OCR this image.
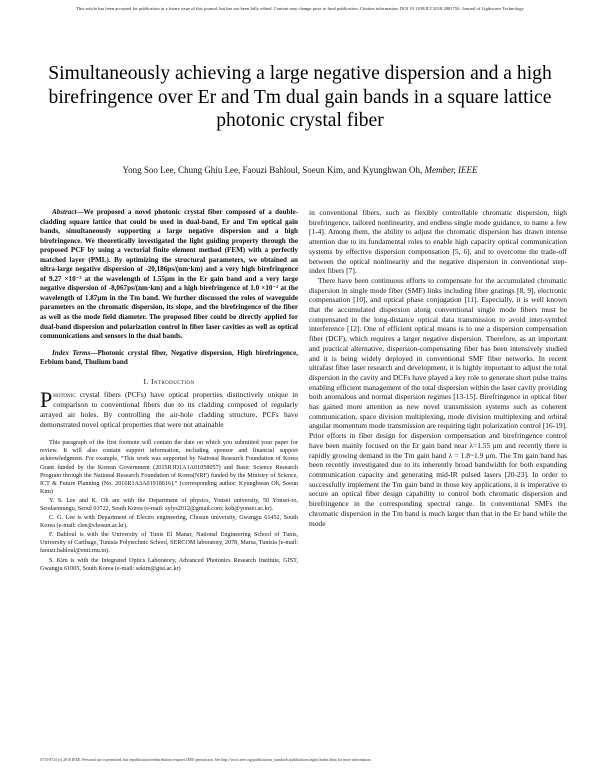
This article has been accepted for publication in a future issue of this journal, but has not been fully edited. Content may change prior to final publication. Citation information: DOI 10.1109/JLT.2018.2881756, Journal of Lightwave Technology
Simultaneously achieving a large negative dispersion and a high birefringence over Er and Tm dual gain bands in a square lattice photonic crystal fiber
Yong Soo Lee, Chung Ghiu Lee, Faouzi Bahloul, Soeun Kim, and Kyunghwan Oh, Member, IEEE

Abstract—We proposed a novel photonic crystal fiber composed of a double-cladding square lattice that could be used in dual-band, Er and Tm optical gain bands, simultaneously supporting a large negative dispersion and a high birefringence. We theoretically investigated the light guiding property through the proposed PCF by using a vectorial finite element method (FEM) with a perfectly matched layer (PML). By optimizing the structural parameters, we obtained an ultra-large negative dispersion of -20,186ps/(nm·km) and a very high birefringence of 9.27 ×10⁻³ at the wavelength of 1.55μm in the Er gain band and a very large negative dispersion of -8,067ps/(nm·km) and a high birefringence of 1.0 ×10⁻² at the wavelength of 1.87μm in the Tm band. We further discussed the roles of waveguide parameters on the chromatic dispersion, its slope, and the birefringence of the fiber as well as the mode field diameter. The proposed fiber could be directly applied for dual-band dispersion and polarization control in fiber laser cavities as well as optical communications and sensors in the dual bands.

Index Terms—Photonic crystal fiber, Negative dispersion, High birefringence, Erbium band, Thulium band

I. Introduction

Photonic crystal fibers (PCFs) have optical properties distinctively unique in comparison to conventional fibers due to its cladding composed of regularly arrayed air holes. By controlling the air-hole cladding structure, PCFs have demonstrated novel optical properties that were not attainable

This paragraph of the first footnote will contain the date on which you submitted your paper for review. It will also contain support information, including sponsor and financial support acknowledgment. For example, “This work was supported by National Research Foundation of Korea Grant funded by the Korean Government (2015R1D1A1A01058057) and Basic Science Research Program through the National Research Foundation of Korea(NRF) funded by the Ministry of Science, ICT & Future Planning (No. 2016R1A3A01918616).” (corresponding author: Kyunghwan Oh, Soeun Kim)

Y. S. Lee and K. Oh are with the Department of physics, Yonsei university, 50 Yonsei-ro, Seodaemungu, Seoul 03722, South Korea (e-mail: sylys2012@gmail.com; koh@yonsei.ac.kr).

C. G. Lee is with Department of Electro engineering, Chosun university, Gwangju 61452, South Korea (e-mail: clee@chosun.ac.kr).

F. Bahloul is with the University of Tunis El Manar, National Engineering School of Tunis, University of Carthage, Tunisia Polytechnic School, SERCOM laboratory, 2078, Marsa, Tunisia (e-mail: faouzi.bahloul@enit.rnu.tn).

S. Kim is with the Integrated Optics Laboratory, Advanced Photonics Research Institute, GIST, Gwangju 61005, South Korea (e-mail: sekim@gist.ac.kr)

in conventional fibers, such as flexibly controllable chromatic dispersion, high birefringence, tailored nonlinearity, and endless single mode guidance, to name a few [1-4]. Among them, the ability to adjust the chromatic dispersion has drawn intense attention due to its fundamental roles to enable high capacity optical communication systems by effective dispersion compensation [5, 6], and to overcome the trade-off between the optical nonlinearity and the negative dispersion in conventional step-index fibers [7].

There have been continuous efforts to compensate for the accumulated chromatic dispersion in single mode fiber (SMF) links including fiber gratings [8, 9], electronic compensation [10], and optical phase conjugation [11]. Especially, it is well known that the accumulated dispersion along conventional single mode fibers must be compensated in the long-distance optical data transmission to avoid inter-symbol interference [12]. One of efficient optical means is to use a dispersion compensation fiber (DCF), which requires a larger negative dispersion. Therefore, as an important and practical alternative, dispersion-compensating fiber has been intensively studied and it is being widely deployed in conventional SMF fiber networks. In recent ultrafast fiber laser research and development, it is highly important to adjust the total dispersion in the cavity and DCFs have played a key role to generate short pulse trains enabling efficient management of the total dispersion within the laser cavity providing both anomalous and normal dispersion regimes [13-15]. Birefringence in optical fiber has gained more attention as new novel transmission systems such as coherent communication, space division multiplexing, mode division multiplexing and orbital angular momentum mode transmission are requiring tight polarization control [16-19]. Prior efforts in fiber design for dispersion compensation and birefringence control have been mainly focused on the Er gain band near λ=1.55 μm and recently there is rapidly growing demand in the Tm gain band λ = 1.8~1.9 μm. The Tm gain band has been recently investigated due to its inherently broad bandwidth for both expanding communication capacity and generating mid-IR pulsed lasers [20-23]. In order to successfully implement the Tm gain band in those key applications, it is imperative to secure an optical fiber design capability to control both chromatic dispersion and birefringence in the corresponding spectral range. In conventional SMFs the chromatic dispersion in the Tm band is much larger than that in the Er band while the mode

0733-8724 (c) 2018 IEEE. Personal use is permitted, but republication/redistribution requires IEEE permission. See http://www.ieee.org/publications_standards/publications/rights/index.html for more information.
